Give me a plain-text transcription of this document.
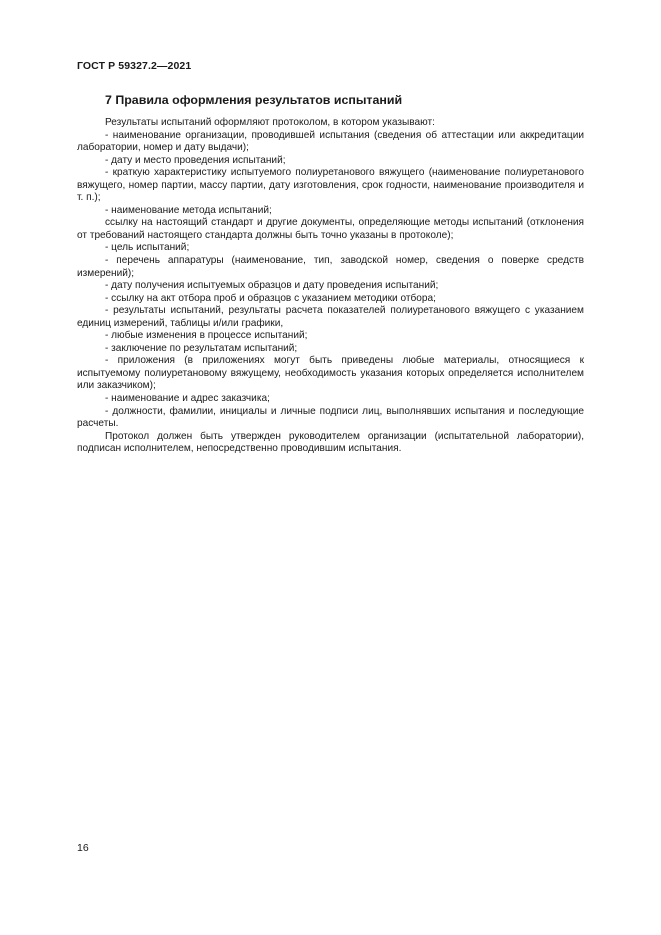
ГОСТ Р 59327.2—2021
7 Правила оформления результатов испытаний

Результаты испытаний оформляют протоколом, в котором указывают:

- наименование организации, проводившей испытания (сведения об аттестации или аккредитации лаборатории, номер и дату выдачи);

- дату и место проведения испытаний;

- краткую характеристику испытуемого полиуретанового вяжущего (наименование полиуретанового вяжущего, номер партии, массу партии, дату изготовления, срок годности, наименование производителя и т. п.);

- наименование метода испытаний;

ссылку на настоящий стандарт и другие документы, определяющие методы испытаний (отклонения от требований настоящего стандарта должны быть точно указаны в протоколе);

- цель испытаний;

- перечень аппаратуры (наименование, тип, заводской номер, сведения о поверке средств измерений);

- дату получения испытуемых образцов и дату проведения испытаний;

- ссылку на акт отбора проб и образцов с указанием методики отбора;

- результаты испытаний, результаты расчета показателей полиуретанового вяжущего с указанием единиц измерений, таблицы и/или графики,

- любые изменения в процессе испытаний;

- заключение по результатам испытаний;

- приложения (в приложениях могут быть приведены любые материалы, относящиеся к испытуемому полиуретановому вяжущему, необходимость указания которых определяется исполнителем или заказчиком);

- наименование и адрес заказчика;

- должности, фамилии, инициалы и личные подписи лиц, выполнявших испытания и последующие расчеты.

Протокол должен быть утвержден руководителем организации (испытательной лаборатории), подписан исполнителем, непосредственно проводившим испытания.

16
